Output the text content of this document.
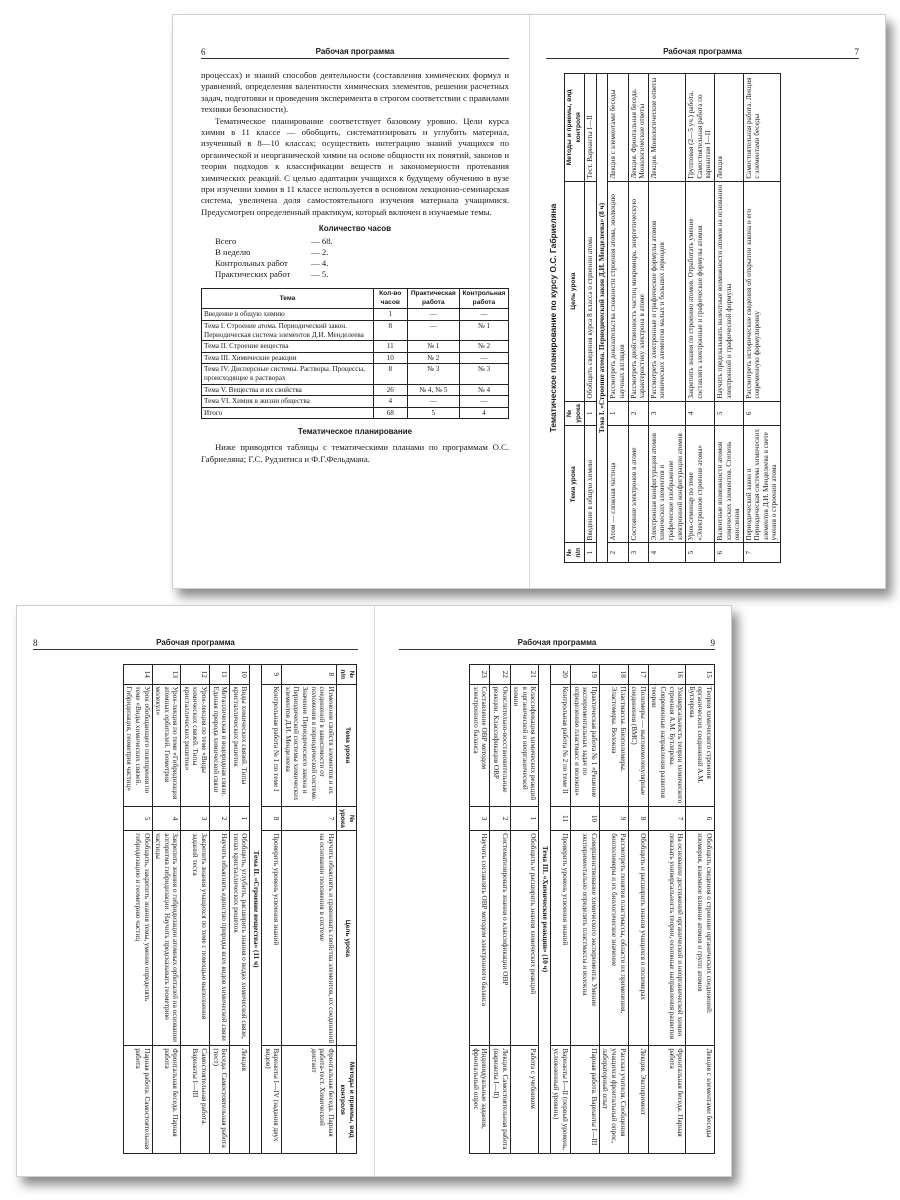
6	Рабочая программа

процессах) и знаний способов деятельности (составления химических формул и уравнений, определения валентности химических элементов, решения расчетных задач, подготовки и проведения эксперимента в строгом соответствии с правилами техники безопасности).

Тематическое планирование соответствует базовому уровню. Цели курса химии в 11 классе — обобщить, систематизировать и углубить материал, изученный в 8—10 классах; осуществить интеграцию знаний учащихся по органической и неорганической химии на основе общности их понятий, законов и теории подходов к классификации веществ и закономерности протекания химических реакций. С целью адаптации учащихся к будущему обучению в вузе при изучении химии в 11 классе используется в основном лекционно-семинарская система, увеличена доля самостоятельного изучения материала учащимися. Предусмотрен определенный практикум, который включен в изучаемые темы.

Количество часов
Всего	— 68.
В неделю	— 2.
Контрольных работ	— 4.
Практических работ	— 5.
Тема	Кол-во часов	Практическая работа	Контрольная работа
Введение в общую химию	1	—	—
Тема I. Строение атома. Периодический закон. Периодическая система элементов Д.И. Менделеева	8	—	№ 1
Тема II. Строение вещества	11	№ 1	№ 2
Тема III. Химические реакции	10	№ 2	—
Тема IV. Дисперсные системы. Растворы. Процессы, происходящие в растворах	8	№ 3	№ 3
Тема V. Вещества и их свойства	26	№ 4, № 5	№ 4
Тема VI. Химия в жизни общества	4	—	—
Итого	68	5	4
Тематическое планирование

Ниже приводятся таблицы с тематическими планами по программам О.С. Габриеляна; Г.С. Рудзитиса и Ф.Г.Фельдмана.

Рабочая программа	7
Тематическое планирование по курсу О.С. Габриеляна
№ п/п	Тема урока	№ урока	Цель урока	Методы и приемы, вид контроля
1	Введение в общую химию	1	Обобщить сведения курса 8 класса о строении атома	Тест. Варианты I—II
Тема I. «Строение атома. Периодический закон Д.И. Менделеева» (8 ч)				
2	Атом — сложная частица	1	Рассмотреть доказательства сложности строения атома, эволюцию научных взглядов	Лекция с элементами беседы
3	Состояние электронов в атоме	2	Рассмотреть двойственность частиц микромира, энергетическую характеристику электрона в атоме	Лекция. Фронтальная беседа. Монологические ответы
4	Электронная конфигурация атомов химических элементов и графическое изображение электронной конфигурации атомов	3	Рассмотреть электронные и графические формулы атомов химических элементов малых и больших периодов	Лекция. Монологические ответы
5	Урок-семинар по теме «Электронное строение атома»	4	Закрепить знания по строению атомов. Отработать умение составлять электронные и графические формулы атомов	Групповая (2—5 уч.) работа. Самостоятельная работа по вариантам I—II
6	Валентные возможности атомов химических элементов. Степень окисления	5	Научить предсказывать валентные возможности атомов на основании электронной и графической формулы	Лекция
7	Периодический закон и Периодическая система химических элементов Д.И. Менделеева в свете учения о строении атома	6	Рассмотреть исторические сведения об открытии закона и его современную формулировку	Самостоятельная работа. Лекция с элементами беседы
8	Рабочая программа
№ п/п	Тема урока	№ урока	Цель урока	Методы и приемы, вид контроля
8	Изменение свойств элементов и их соединений в зависимости от положения в периодической системе. Значение Периодического закона и Периодической системы химических элементов Д.И. Менделеева	7	Научить объяснять и сравнивать свойства элементов, их соединений на основании положения в системе	Фронтальная беседа. Парная работа-тест. Химический диктант
9	Контрольная работа № 1 по теме I	8	Проверить уровень усвоения знаний	Варианты I—IV (задания двух видов)
Тема II. «Строение вещества» (11 ч)				
10	Виды химических связей. Типы кристаллических решеток	1	Обобщить, углубить, расширить знания о видах химической связи, типах кристаллических решеток	Лекция
11	Металлическая и водородная связи. Единая природа химической связи	2	Научить объяснять единство природы всех видов химической связи	Беседа. Самостоятельная работа (тест)
12	Урок-лекция по теме «Виды химических связей. Типы кристаллических решеток»	3	Закрепить знания учащихся по теме с помощью выполнения заданий теста	Самостоятельная работа. Варианты I—III
13	Урок-лекция по теме «Гибридизация атомных орбиталей. Геометрия молекул»	4	Закрепить знания о гибридизации атомных орбиталей на основании алгоритма гибридизации. Научить предсказывать геометрию частицы	Фронтальная беседа. Парная работа
14	Урок обобщающего повторения по теме «Виды химических связей. Гибридизация, геометрия частиц»	5	Обобщить, закрепить знания темы, умение определять гибридизацию и геометрию частиц	Парная работа. Самостоятельная работа
Рабочая программа	9
15	Теория химического строения органических соединений А.М. Бутлерова	6	Обобщить сведения о строении органических соединений: изомерия, взаимное влияние атомов и групп атомов	Лекция с элементами беседы
16	Универсальность теории химического строения А.М. Бутлерова. Современные направления развития теории	7	На основании достижений органической и неорганической химии показать универсальность теории, основные направления развития	Фронтальная беседа. Парная работа
17	Полимеры — высокомолекулярные соединения (ВМС)	8	Обобщить и расширить знания учащихся о полимерах	Лекция. Эксперимент
18	Пластмассы. Биополимеры. Эластомеры. Волокна	9	Рассмотреть понятия пластмассы, области их применения, биополимеры и их биологическое значение	Рассказ учителя. Сообщения учащихся фронтальный опрос, лабораторный опыт
19	Практическая работа № 1 «Решение экспериментальных задач по определению пластмасс и волокон»	10	Совершенствование химического эксперимента. Умение экспериментально определять пластмассы и волокна	Парная работа. Варианты I—III
20	Контрольная работа № 2 по теме II	11	Проверить уровень усвоения знаний	Варианты I—II (первый уровень, усложненный уровень)
Тема III. «Химические реакции» (10 ч)				
21	Классификация химических реакций в органической и неорганической химии	1	Обобщить и расширить знания химических реакций	Работа с учебником
22	Окислительно-восстановительные реакции. Классификация ОВР	2	Систематизировать знания о классификации ОВР	Лекция. Самостоятельная работа (варианты I—II)
23	Составление ОВР методом электронного баланса	3	Научить составлять ОВР методом электронного баланса	Индивидуальные задания, фронтальный опрос
